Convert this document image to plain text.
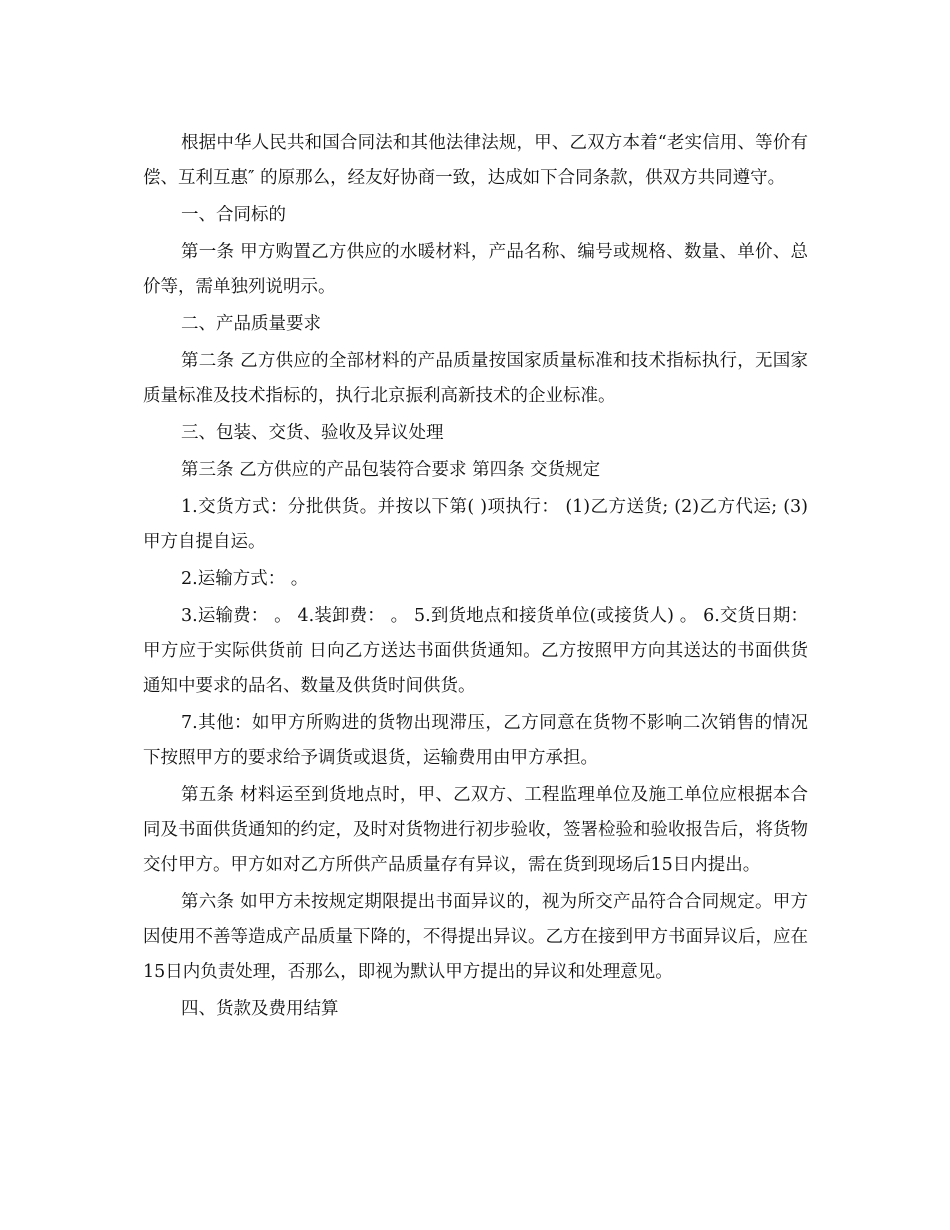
根据中华人民共和国合同法和其他法律法规，甲、乙双方本着“老实信用、等价有偿、互利互惠″ 的原那么，经友好协商一致，达成如下合同条款，供双方共同遵守。

一、合同标的

第一条 甲方购置乙方供应的水暖材料，产品名称、编号或规格、数量、单价、总价等，需单独列说明示。

二、产品质量要求

第二条 乙方供应的全部材料的产品质量按国家质量标准和技术指标执行，无国家质量标准及技术指标的，执行北京振利高新技术的企业标准。

三、包装、交货、验收及异议处理

第三条 乙方供应的产品包装符合要求 第四条 交货规定

1.交货方式：分批供货。并按以下第( )项执行： (1)乙方送货; (2)乙方代运; (3)甲方自提自运。

2.运输方式： 。

3.运输费： 。 4.装卸费： 。 5.到货地点和接货单位(或接货人) 。 6.交货日期：甲方应于实际供货前 日向乙方送达书面供货通知。乙方按照甲方向其送达的书面供货通知中要求的品名、数量及供货时间供货。

7.其他：如甲方所购进的货物出现滞压，乙方同意在货物不影响二次销售的情况下按照甲方的要求给予调货或退货，运输费用由甲方承担。

第五条 材料运至到货地点时，甲、乙双方、工程监理单位及施工单位应根据本合同及书面供货通知的约定，及时对货物进行初步验收，签署检验和验收报告后，将货物交付甲方。甲方如对乙方所供产品质量存有异议，需在货到现场后15日内提出。

第六条 如甲方未按规定期限提出书面异议的，视为所交产品符合合同规定。甲方因使用不善等造成产品质量下降的，不得提出异议。乙方在接到甲方书面异议后，应在15日内负责处理，否那么，即视为默认甲方提出的异议和处理意见。

四、货款及费用结算
